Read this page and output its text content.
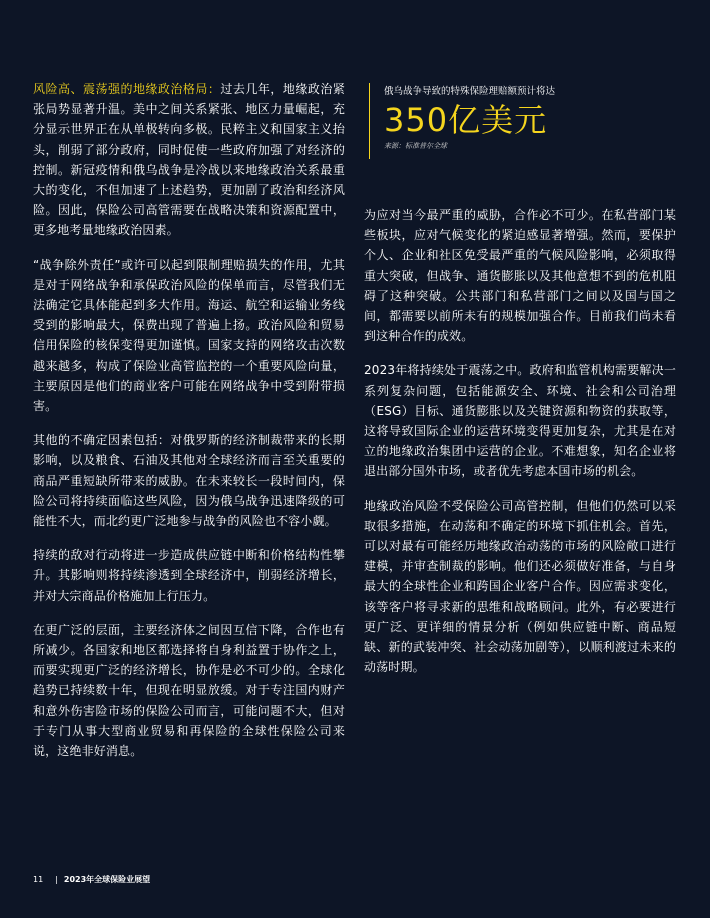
风险高、震荡强的地缘政治格局：过去几年，地缘政治紧张局势显著升温。美中之间关系紧张、地区力量崛起，充分显示世界正在从单极转向多极。民粹主义和国家主义抬头，削弱了部分政府，同时促使一些政府加强了对经济的控制。新冠疫情和俄乌战争是冷战以来地缘政治关系最重大的变化，不但加速了上述趋势，更加剧了政治和经济风险。因此，保险公司高管需要在战略决策和资源配置中，更多地考量地缘政治因素。

“战争除外责任”或许可以起到限制理赔损失的作用，尤其是对于网络战争和承保政治风险的保单而言，尽管我们无法确定它具体能起到多大作用。海运、航空和运输业务线受到的影响最大，保费出现了普遍上扬。政治风险和贸易信用保险的核保变得更加谨慎。国家支持的网络攻击次数越来越多，构成了保险业高管监控的一个重要风险向量，主要原因是他们的商业客户可能在网络战争中受到附带损害。

其他的不确定因素包括：对俄罗斯的经济制裁带来的长期影响，以及粮食、石油及其他对全球经济而言至关重要的商品严重短缺所带来的威胁。在未来较长一段时间内，保险公司将持续面临这些风险，因为俄乌战争迅速降级的可能性不大，而北约更广泛地参与战争的风险也不容小觑。

持续的敌对行动将进一步造成供应链中断和价格结构性攀升。其影响则将持续渗透到全球经济中，削弱经济增长，并对大宗商品价格施加上行压力。

在更广泛的层面，主要经济体之间因互信下降，合作也有所减少。各国家和地区都选择将自身利益置于协作之上，而要实现更广泛的经济增长，协作是必不可少的。全球化趋势已持续数十年，但现在明显放缓。对于专注国内财产和意外伤害险市场的保险公司而言，可能问题不大，但对于专门从事大型商业贸易和再保险的全球性保险公司来说，这绝非好消息。

俄乌战争导致的特殊保险理赔额预计将达
350亿美元
来源：标准普尔全球

为应对当今最严重的威胁，合作必不可少。在私营部门某些板块，应对气候变化的紧迫感显著增强。然而，要保护个人、企业和社区免受最严重的气候风险影响，必须取得重大突破，但战争、通货膨胀以及其他意想不到的危机阻碍了这种突破。公共部门和私营部门之间以及国与国之间，都需要以前所未有的规模加强合作。目前我们尚未看到这种合作的成效。

2023年将持续处于震荡之中。政府和监管机构需要解决一系列复杂问题，包括能源安全、环境、社会和公司治理（ESG）目标、通货膨胀以及关键资源和物资的获取等，这将导致国际企业的运营环境变得更加复杂，尤其是在对立的地缘政治集团中运营的企业。不难想象，知名企业将退出部分国外市场，或者优先考虑本国市场的机会。

地缘政治风险不受保险公司高管控制，但他们仍然可以采取很多措施，在动荡和不确定的环境下抓住机会。首先，可以对最有可能经历地缘政治动荡的市场的风险敞口进行建模，并审查制裁的影响。他们还必须做好准备，与自身最大的全球性企业和跨国企业客户合作。因应需求变化，该等客户将寻求新的思维和战略顾问。此外，有必要进行更广泛、更详细的情景分析（例如供应链中断、商品短缺、新的武装冲突、社会动荡加剧等），以顺利渡过未来的动荡时期。

11 | 2023年全球保险业展望
